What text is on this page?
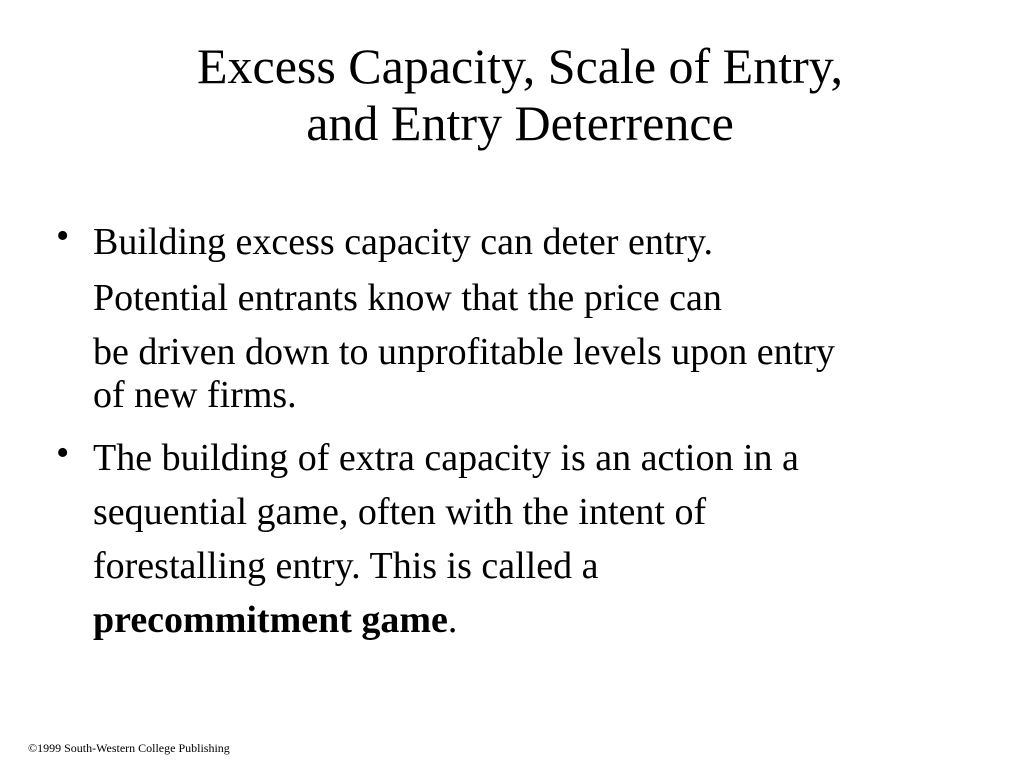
Excess Capacity, Scale of Entry,
and Entry Deterrence
• Building excess capacity can deter entry.
Potential entrants know that the price can
be driven down to unprofitable levels upon entry
of new firms.
• The building of extra capacity is an action in a
sequential game, often with the intent of
forestalling entry. This is called a
precommitment game.
©1999 South-Western College Publishing
